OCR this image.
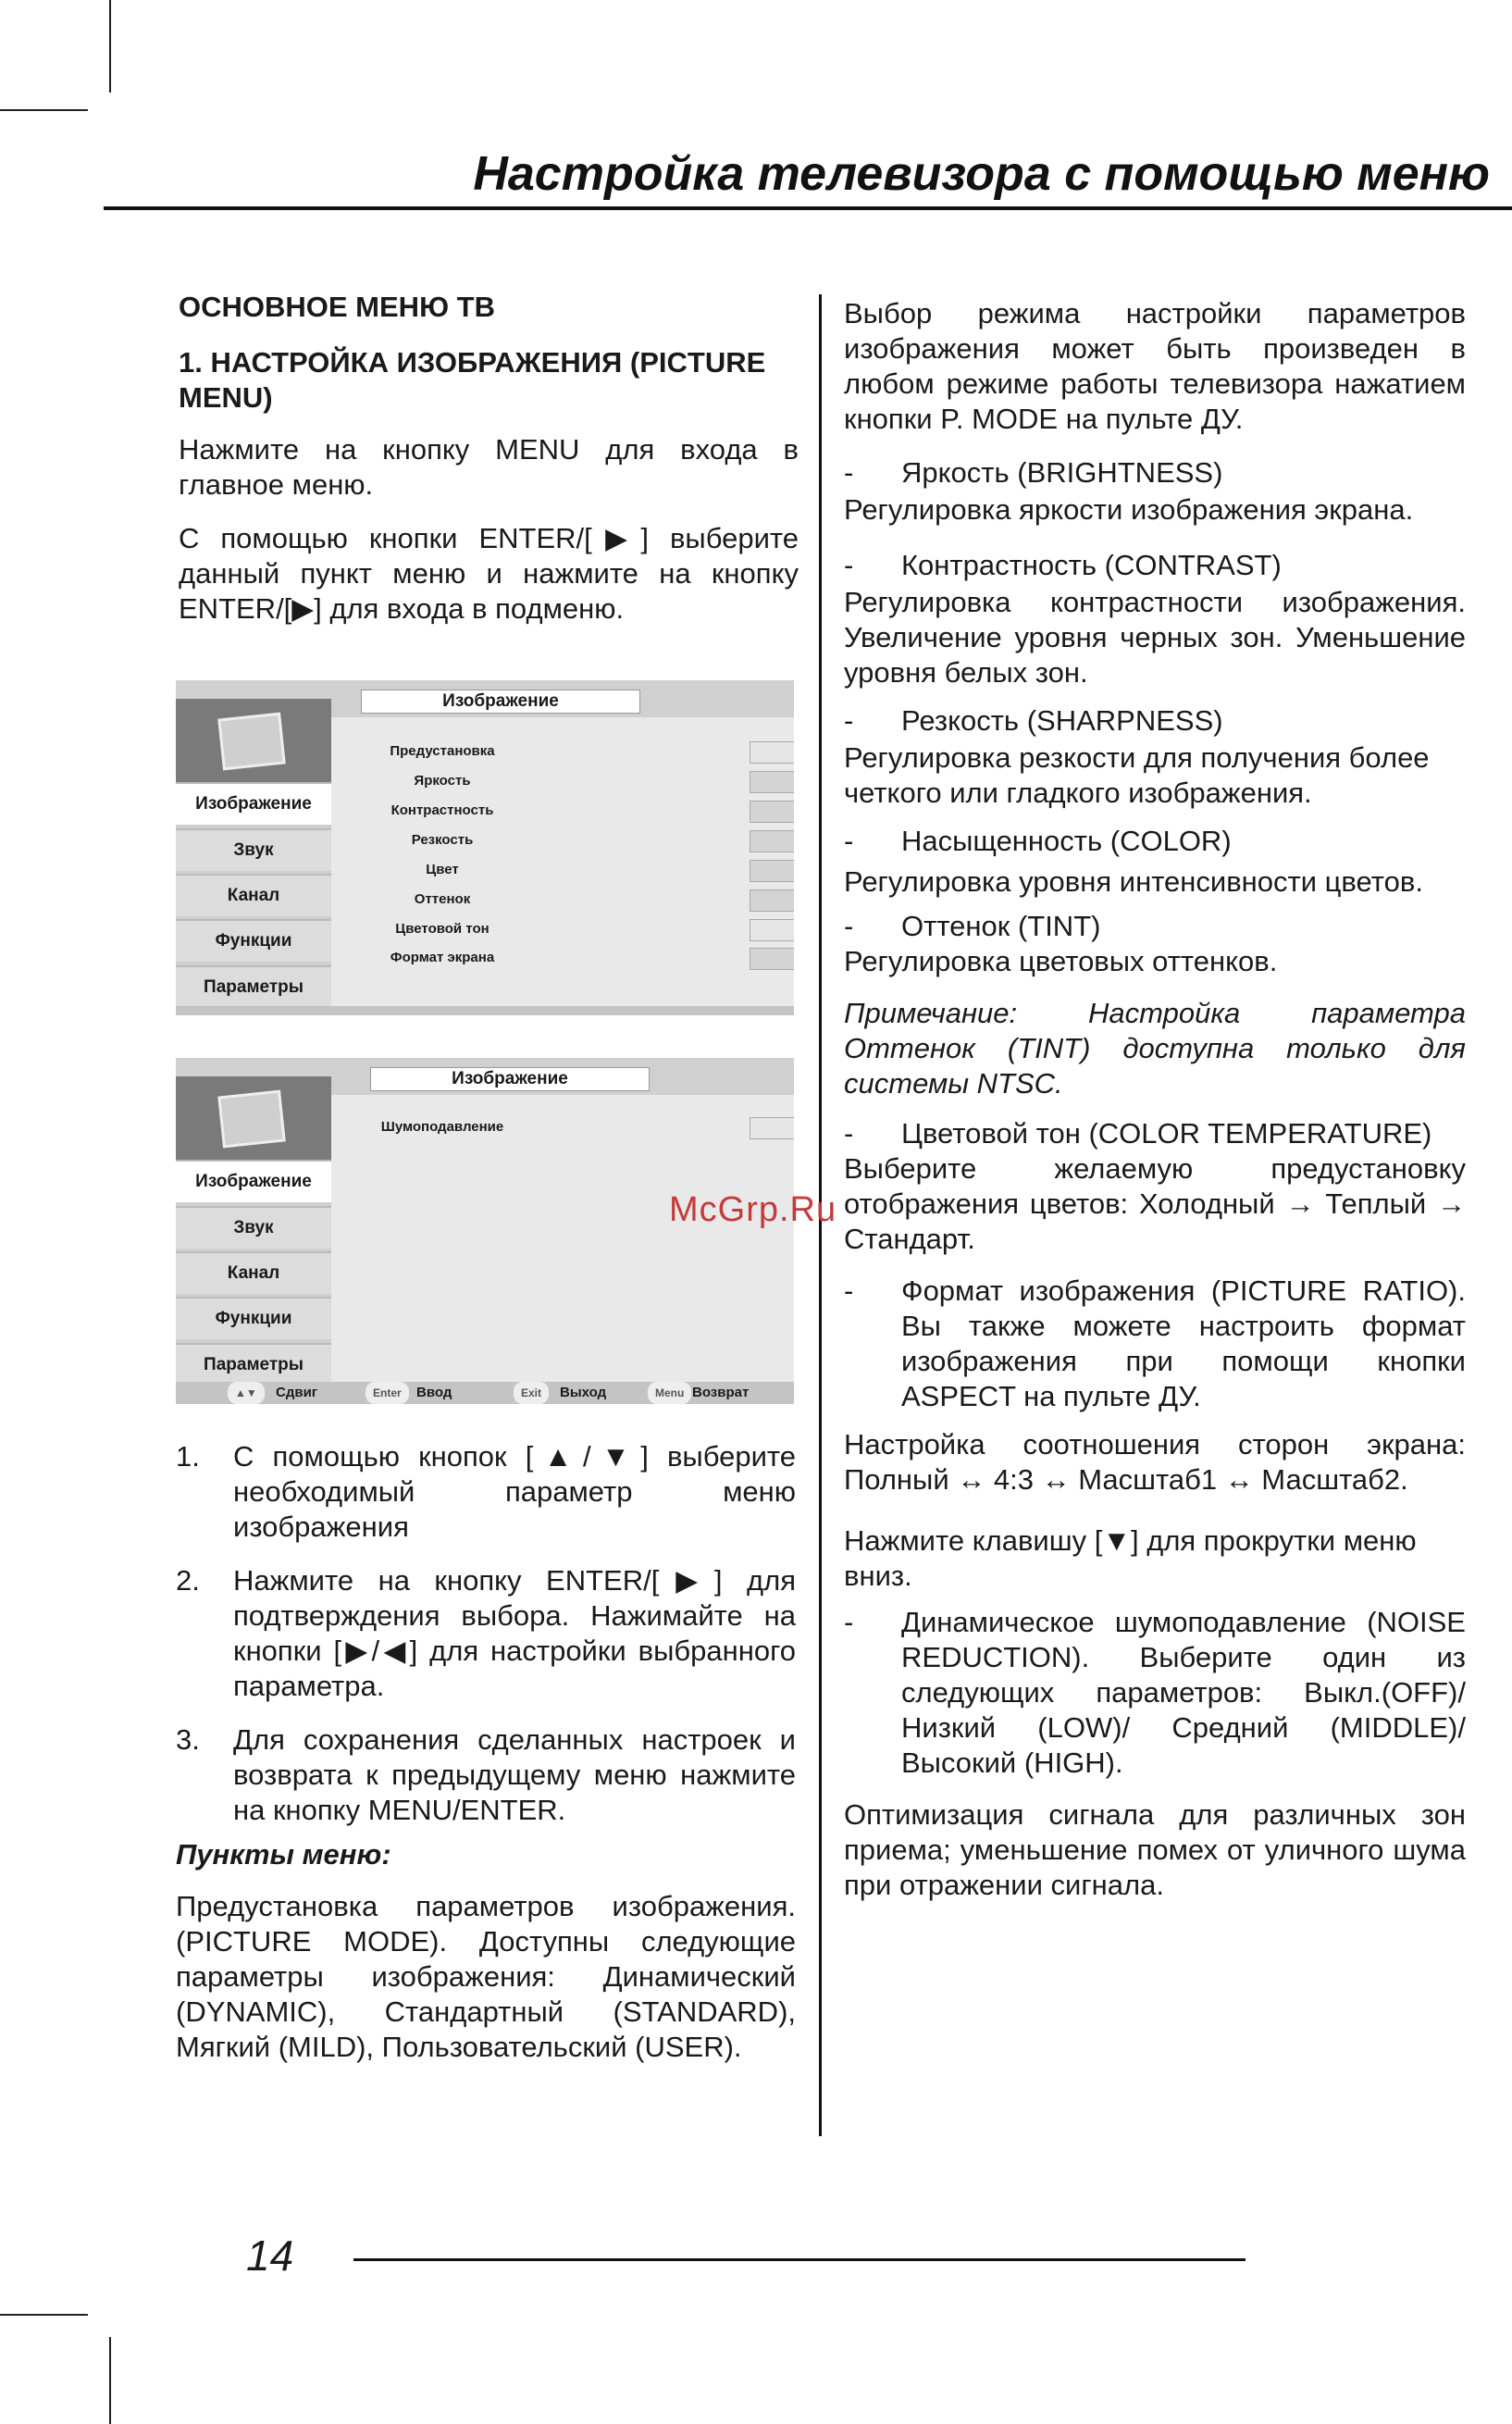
Настройка телевизора с помощью меню

ОСНОВНОЕ МЕНЮ ТВ

1. НАСТРОЙКА ИЗОБРАЖЕНИЯ (PICTURE MENU)

Нажмите на кнопку MENU для входа в главное меню.

С помощью кнопки ENTER/[▶] выберите данный пункт меню и нажмите на кнопку ENTER/[▶] для входа в подменю.

Изображение
Изображение
Звук
Канал
Функции
Параметры
Предустановка
Яркость
Контрастность
Резкость
Цвет
Оттенок
Цветовой тон
Формат экрана
Изображение
Изображение
Звук
Канал
Функции
Параметры
Шумоподавление
▲▼	Сдвиг	Enter	Ввод	Exit	Выход	Menu Возврат
1.	С помощью кнопок [▲/▼] выберите необходимый параметр меню изображения
2.	Нажмите на кнопку ENTER/[▶] для подтверждения выбора. Нажимайте на кнопки [▶/◀] для настройки выбранного параметра.
3.	Для сохранения сделанных настроек и возврата к предыдущему меню нажмите на кнопку MENU/ENTER.

Пункты меню:

Предустановка параметров изображения. (PICTURE MODE). Доступны следующие параметры изображения: Динамический (DYNAMIC), Стандартный (STANDARD), Мягкий (MILD), Пользовательский (USER).

Выбор режима настройки параметров изображения может быть произведен в любом режиме работы телевизора нажатием кнопки P. MODE на пульте ДУ.

-	Яркость (BRIGHTNESS)

Регулировка яркости изображения экрана.

-	Контрастность (CONTRAST)

Регулировка контрастности изображения. Увеличение уровня черных зон. Уменьшение уровня белых зон.

-	Резкость (SHARPNESS)

Регулировка резкости для получения более четкого или гладкого изображения.

-	Насыщенность (COLOR)

Регулировка уровня интенсивности цветов.

-	Оттенок (TINT)

Регулировка цветовых оттенков.

Примечание: Настройка параметра Оттенок (TINT) доступна только для системы NTSC.

-	Цветовой тон (COLOR TEMPERATURE)

Выберите желаемую предустановку отображения цветов: Холодный → Теплый → Стандарт.

-	Формат изображения (PICTURE RATIO). Вы также можете настроить формат изображения при помощи кнопки ASPECT на пульте ДУ.

Настройка соотношения сторон экрана: Полный ↔ 4:3 ↔ Масштаб1 ↔ Масштаб2.

Нажмите клавишу [▼] для прокрутки меню вниз.

-	Динамическое шумоподавление (NOISE REDUCTION). Выберите один из следующих параметров: Выкл.(OFF)/ Низкий (LOW)/ Средний (MIDDLE)/Высокий (HIGH).

Оптимизация сигнала для различных зон приема; уменьшение помех от уличного шума при отражении сигнала.

McGrp.Ru

14
